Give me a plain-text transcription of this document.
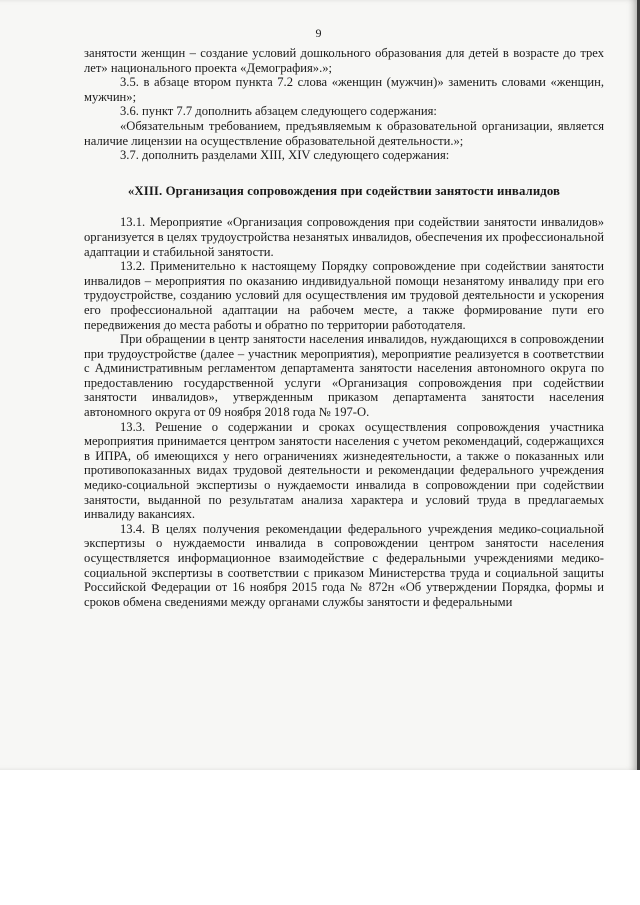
9

занятости женщин – создание условий дошкольного образования для детей в возрасте до трех лет» национального проекта «Демография».»;

3.5. в абзаце втором пункта 7.2 слова «женщин (мужчин)» заменить словами «женщин, мужчин»;

3.6. пункт 7.7 дополнить абзацем следующего содержания:

«Обязательным требованием, предъявляемым к образовательной организации, является наличие лицензии на осуществление образовательной деятельности.»;

3.7. дополнить разделами XIII, XIV следующего содержания:

«XIII. Организация сопровождения при содействии занятости инвалидов

13.1. Мероприятие «Организация сопровождения при содействии занятости инвалидов» организуется в целях трудоустройства незанятых инвалидов, обеспечения их профессиональной адаптации и стабильной занятости.

13.2. Применительно к настоящему Порядку сопровождение при содействии занятости инвалидов – мероприятия по оказанию индивидуальной помощи незанятому инвалиду при его трудоустройстве, созданию условий для осуществления им трудовой деятельности и ускорения его профессиональной адаптации на рабочем месте, а также формирование пути его передвижения до места работы и обратно по территории работодателя.

При обращении в центр занятости населения инвалидов, нуждающихся в сопровождении при трудоустройстве (далее – участник мероприятия), мероприятие реализуется в соответствии с Административным регламентом департамента занятости населения автономного округа по предоставлению государственной услуги «Организация сопровождения при содействии занятости инвалидов», утвержденным приказом департамента занятости населения автономного округа от 09 ноября 2018 года № 197-О.

13.3. Решение о содержании и сроках осуществления сопровождения участника мероприятия принимается центром занятости населения с учетом рекомендаций, содержащихся в ИПРА, об имеющихся у него ограничениях жизнедеятельности, а также о показанных или противопоказанных видах трудовой деятельности и рекомендации федерального учреждения медико-социальной экспертизы о нуждаемости инвалида в сопровождении при содействии занятости, выданной по результатам анализа характера и условий труда в предлагаемых инвалиду вакансиях.

13.4. В целях получения рекомендации федерального учреждения медико-социальной экспертизы о нуждаемости инвалида в сопровождении центром занятости населения осуществляется информационное взаимодействие с федеральными учреждениями медико-социальной экспертизы в соответствии с приказом Министерства труда и социальной защиты Российской Федерации от 16 ноября 2015 года № 872н «Об утверждении Порядка, формы и сроков обмена сведениями между органами службы занятости и федеральными
